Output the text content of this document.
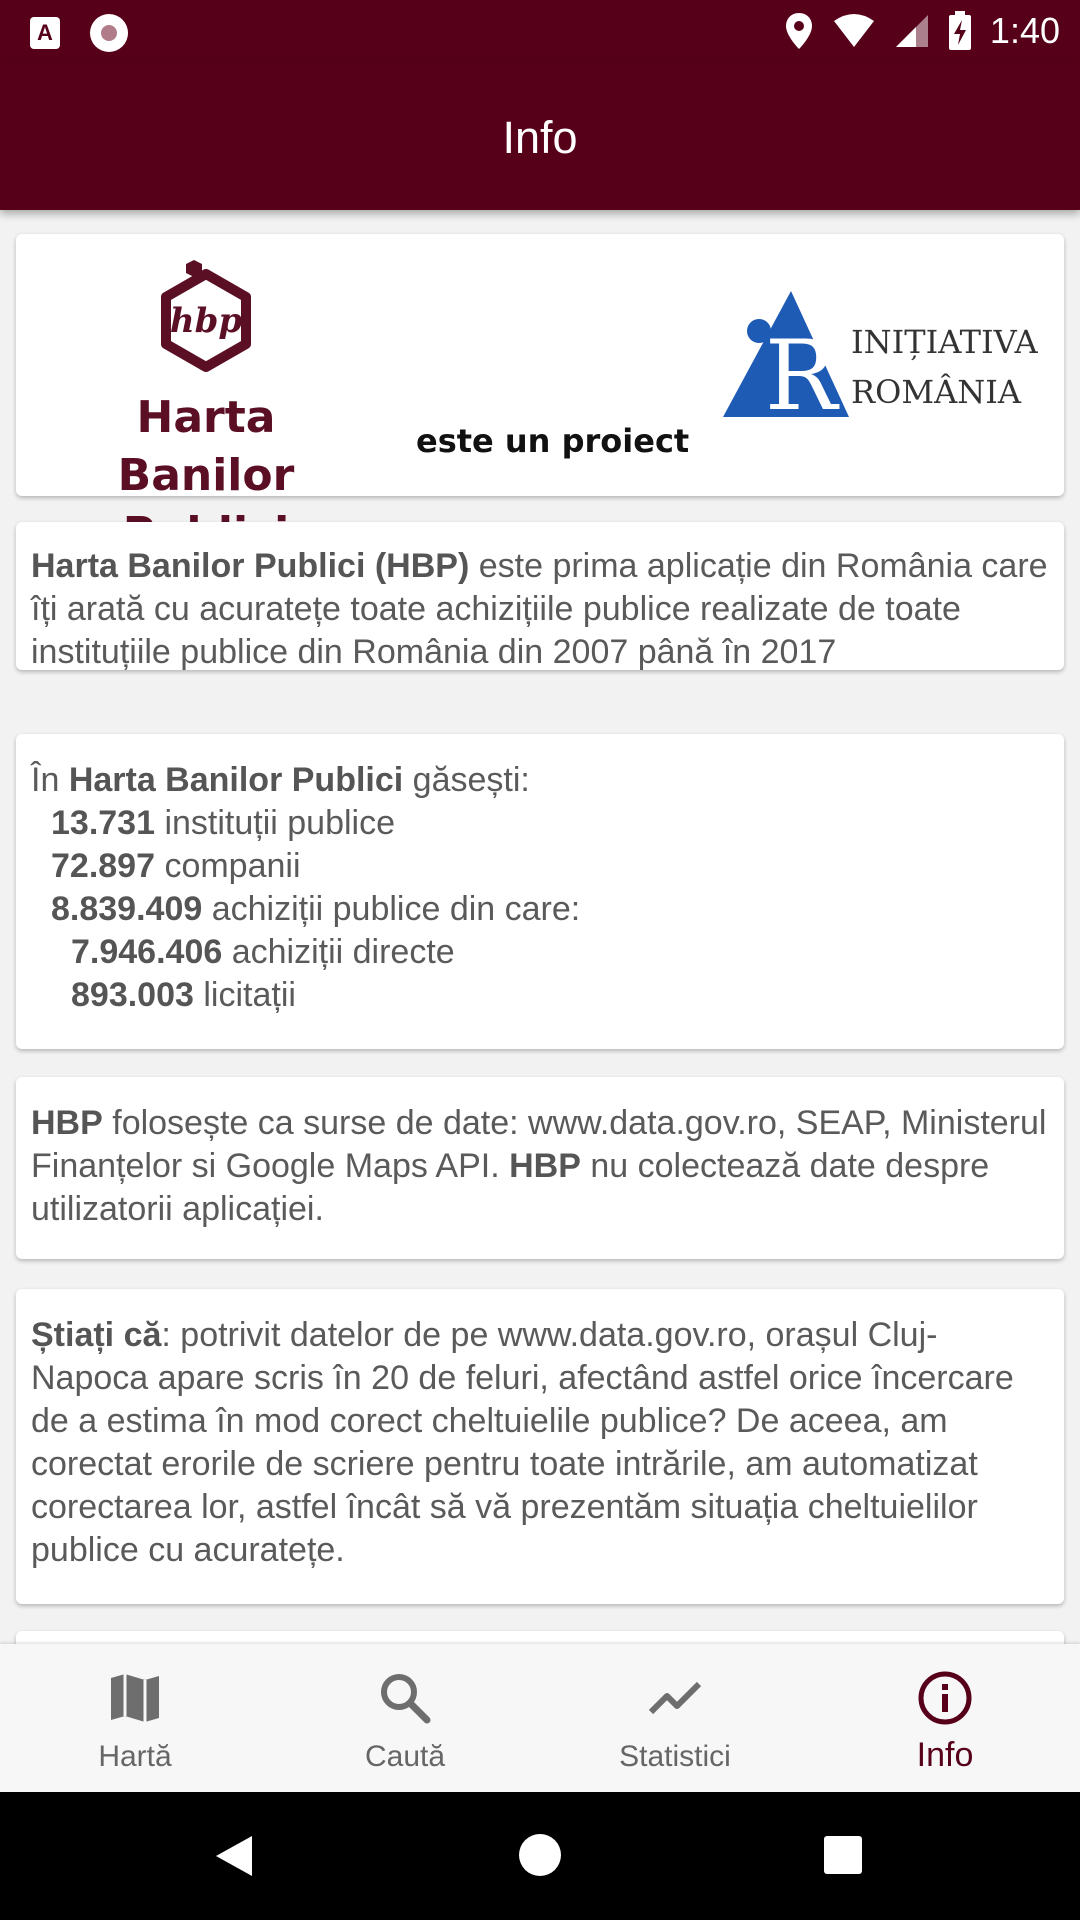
A	1:40
Info
hbp
Harta Banilor
este un proiect
R INIȚIATIVA
ROMÂNIA
Harta Banilor Publici (HBP) este prima aplicație din România care îți arată cu acuratețe toate achizițiile publice realizate de toate instituțiile publice din România din 2007 până în 2017
În Harta Banilor Publici găsești:
13.731 instituții publice
72.897 companii
8.839.409 achiziții publice din care:
7.946.406 achiziții directe
893.003 licitații
HBP folosește ca surse de date: www.data.gov.ro, SEAP, Ministerul Finanțelor si Google Maps API. HBP nu colectează date despre utilizatorii aplicației.
Știați că: potrivit datelor de pe www.data.gov.ro, orașul Cluj-Napoca apare scris în 20 de feluri, afectând astfel orice încercare de a estima în mod corect cheltuielile publice? De aceea, am corectat erorile de scriere pentru toate intrările, am automatizat corectarea lor, astfel încât să vă prezentăm situația cheltuielilor publice cu acuratețe.
Hartă	Caută	Statistici	Info
